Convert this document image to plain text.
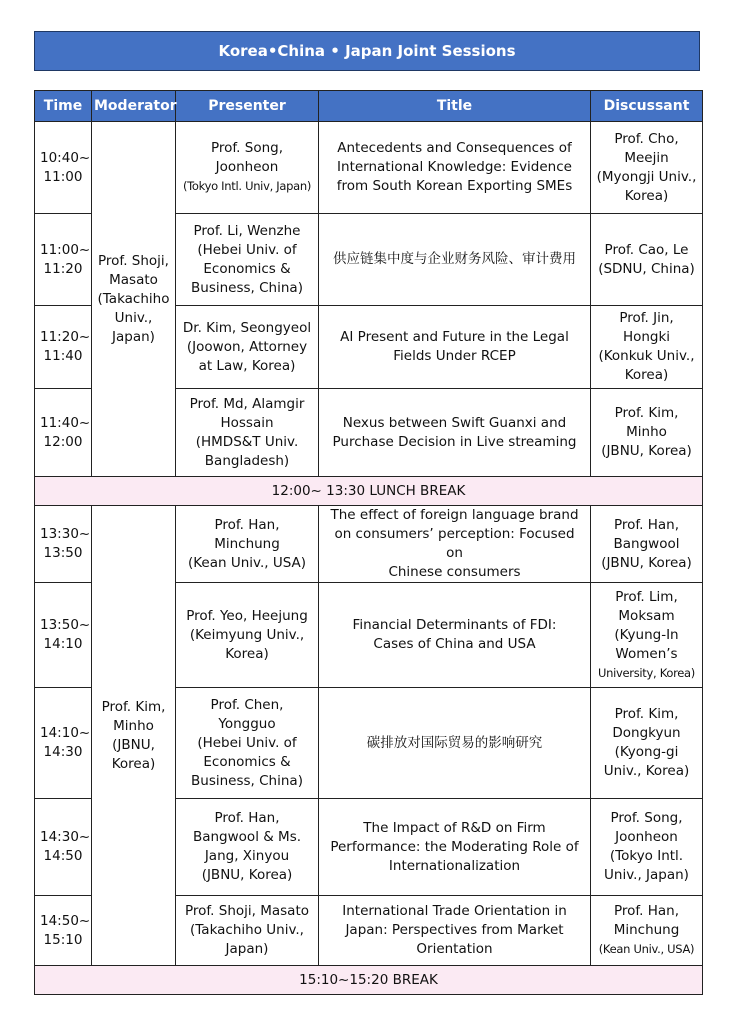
Korea•China • Japan Joint Sessions
Time	Moderator	Presenter	Title	Discussant
10:40~
11:00	Prof. Shoji,
Masato
(Takachiho
Univ.,
Japan)	Prof. Song,
Joonheon
(Tokyo Intl. Univ, Japan)	Antecedents and Consequences of
International Knowledge: Evidence
from South Korean Exporting SMEs	Prof. Cho,
Meejin
(Myongji Univ.,
Korea)
11:00~
11:20		Prof. Li, Wenzhe
(Hebei Univ. of
Economics &
Business, China)	供应链集中度与企业财务风险、审计费用	Prof. Cao, Le
(SDNU, China)
11:20~
11:40		Dr. Kim, Seongyeol
(Joowon, Attorney
at Law, Korea)	AI Present and Future in the Legal
Fields Under RCEP	Prof. Jin,
Hongki
(Konkuk Univ.,
Korea)
11:40~
12:00		Prof. Md, Alamgir
Hossain
(HMDS&T Univ.
Bangladesh)	Nexus between Swift Guanxi and
Purchase Decision in Live streaming	Prof. Kim,
Minho
(JBNU, Korea)
12:00~ 13:30 LUNCH BREAK				
13:30~
13:50	Prof. Kim,
Minho
(JBNU,
Korea)	Prof. Han,
Minchung
(Kean Univ., USA)	The effect of foreign language brand
on consumers’ perception: Focused on
Chinese consumers	Prof. Han,
Bangwool
(JBNU, Korea)
13:50~
14:10		Prof. Yeo, Heejung
(Keimyung Univ.,
Korea)	Financial Determinants of FDI:
Cases of China and USA	Prof. Lim,
Moksam
(Kyung-In
Women’s
University, Korea)
14:10~
14:30		Prof. Chen,
Yongguo
(Hebei Univ. of
Economics &
Business, China)	碳排放对国际贸易的影响研究	Prof. Kim,
Dongkyun
(Kyong-gi
Univ., Korea)
14:30~
14:50		Prof. Han,
Bangwool & Ms.
Jang, Xinyou
(JBNU, Korea)	The Impact of R&D on Firm
Performance: the Moderating Role of
Internationalization	Prof. Song,
Joonheon
(Tokyo Intl.
Univ., Japan)
14:50~
15:10		Prof. Shoji, Masato
(Takachiho Univ.,
Japan)	International Trade Orientation in
Japan: Perspectives from Market
Orientation	Prof. Han,
Minchung
(Kean Univ., USA)
15:10~15:20 BREAK				
